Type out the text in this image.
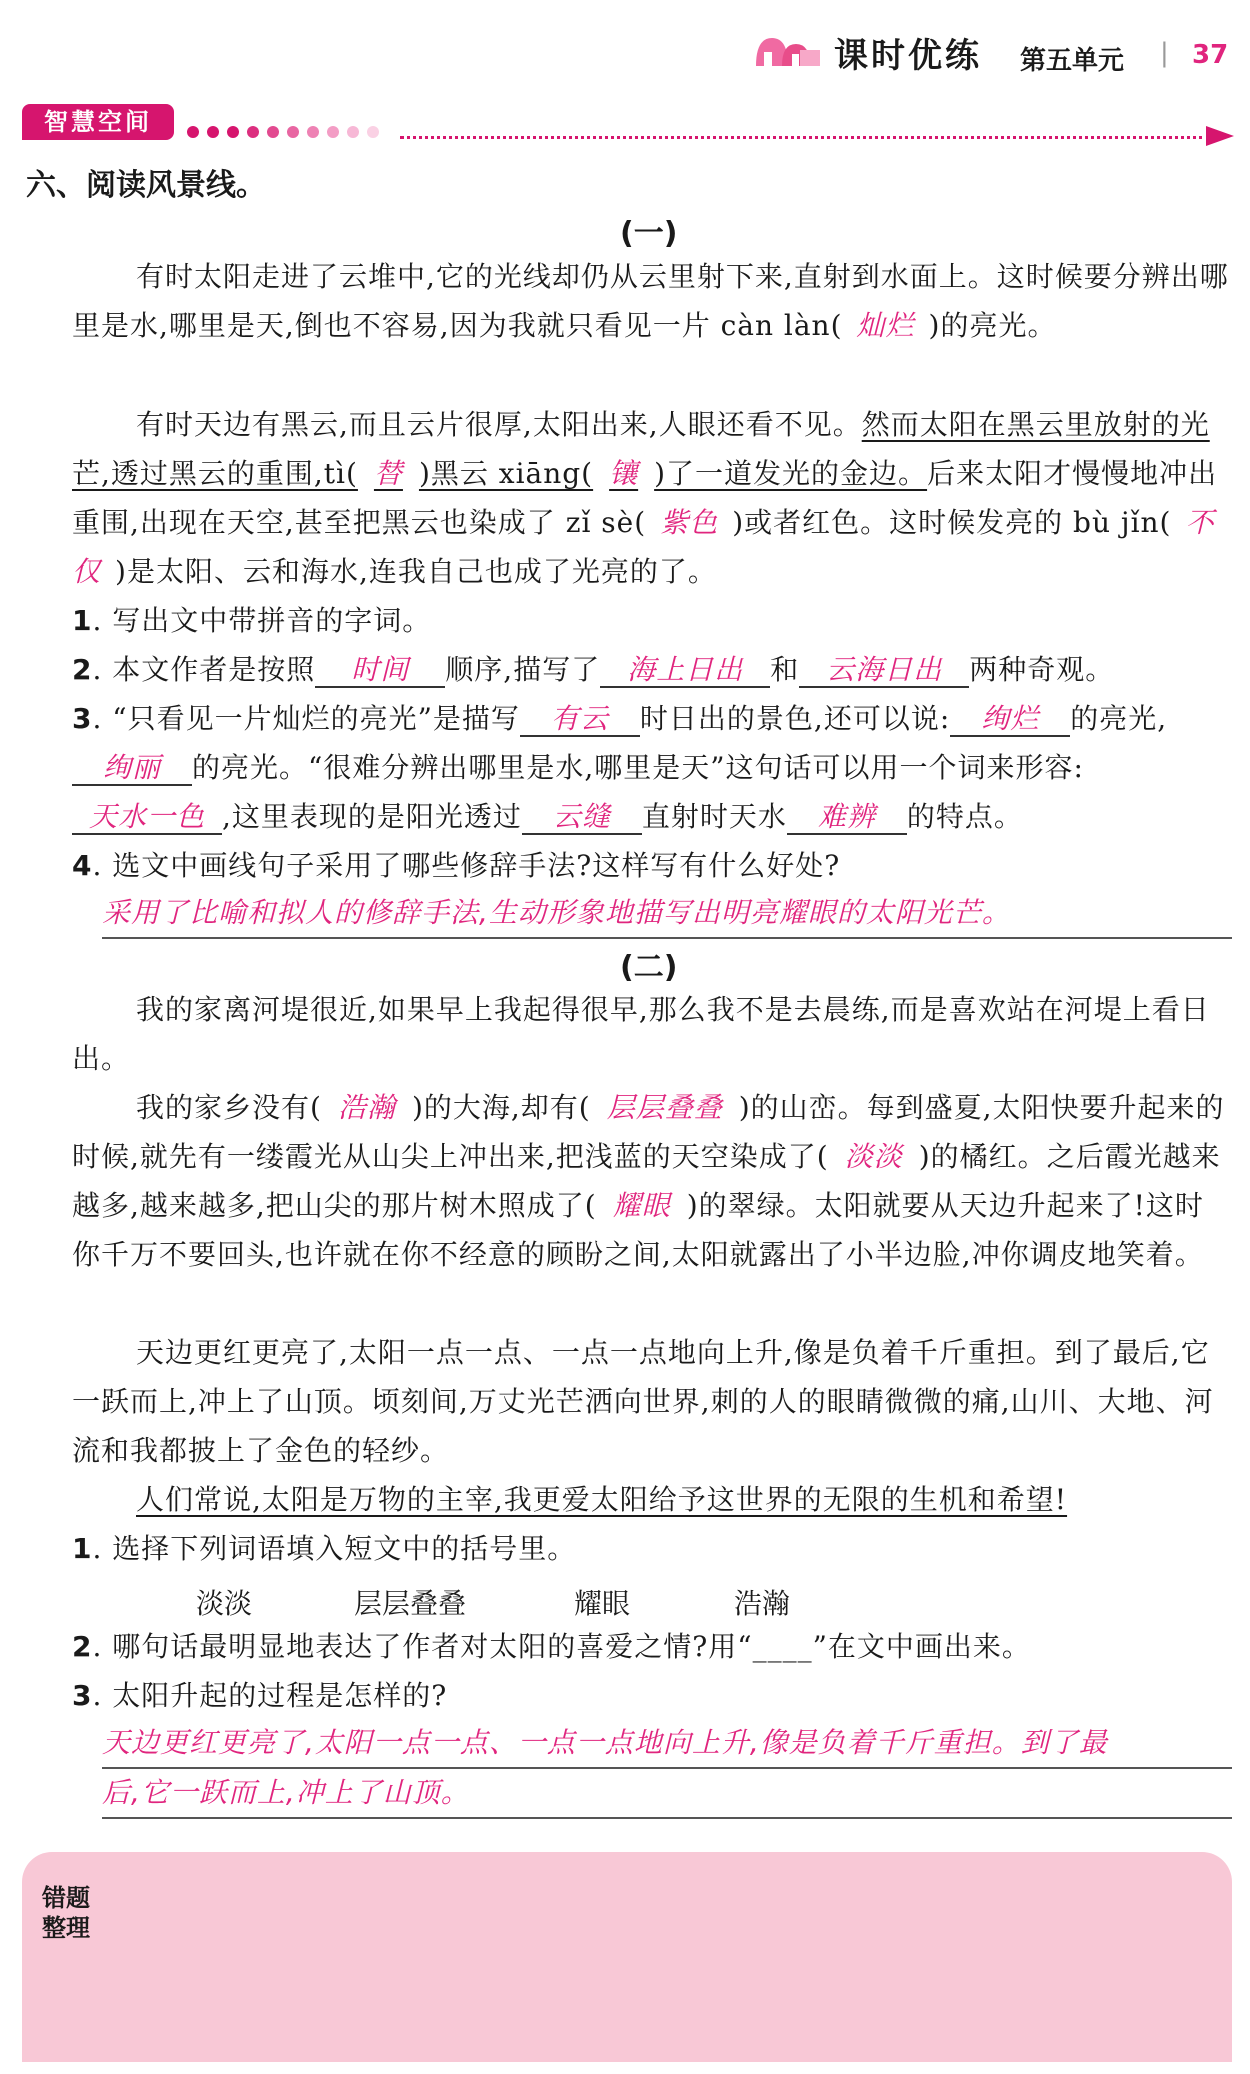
课时优练 第五单元 | 37
智慧空间
六、阅读风景线。
(一)
有时太阳走进了云堆中,它的光线却仍从云里射下来,直射到水面上。这时候要分辨出哪里是水,哪里是天,倒也不容易,因为我就只看见一片 càn làn( 灿烂 )的亮光。
有时天边有黑云,而且云片很厚,太阳出来,人眼还看不见。然而太阳在黑云里放射的光芒,透过黑云的重围,tì( 替 )黑云 xiāng( 镶 )了一道发光的金边。后来太阳才慢慢地冲出重围,出现在天空,甚至把黑云也染成了 zǐ sè( 紫色 )或者红色。这时候发亮的 bù jǐn( 不仅 )是太阳、云和海水,连我自己也成了光亮的了。
1. 写出文中带拼音的字词。
2. 本文作者是按照 时间 顺序,描写了 海上日出 和 云海日出 两种奇观。
3. “只看见一片灿烂的亮光”是描写 有云 时日出的景色,还可以说: 绚烂 的亮光,绚丽 的亮光。“很难分辨出哪里是水,哪里是天”这句话可以用一个词来形容:天水一色 ,这里表现的是阳光透过 云缝 直射时天水 难辨 的特点。
4. 选文中画线句子采用了哪些修辞手法?这样写有什么好处?
采用了比喻和拟人的修辞手法,生动形象地描写出明亮耀眼的太阳光芒。
(二)
我的家离河堤很近,如果早上我起得很早,那么我不是去晨练,而是喜欢站在河堤上看日出。
我的家乡没有( 浩瀚 )的大海,却有( 层层叠叠 )的山峦。每到盛夏,太阳快要升起来的时候,就先有一缕霞光从山尖上冲出来,把浅蓝的天空染成了( 淡淡 )的橘红。之后霞光越来越多,越来越多,把山尖的那片树木照成了( 耀眼 )的翠绿。太阳就要从天边升起来了!这时你千万不要回头,也许就在你不经意的顾盼之间,太阳就露出了小半边脸,冲你调皮地笑着。
天边更红更亮了,太阳一点一点、一点一点地向上升,像是负着千斤重担。到了最后,它一跃而上,冲上了山顶。顷刻间,万丈光芒洒向世界,刺的人的眼睛微微的痛,山川、大地、河流和我都披上了金色的轻纱。
人们常说,太阳是万物的主宰,我更爱太阳给予这世界的无限的生机和希望!
1. 选择下列词语填入短文中的括号里。
淡淡	层层叠叠	耀眼	浩瀚
2. 哪句话最明显地表达了作者对太阳的喜爱之情?用“____”在文中画出来。
3. 太阳升起的过程是怎样的?
天边更红更亮了,太阳一点一点、一点一点地向上升,像是负着千斤重担。到了最
后,它一跃而上,冲上了山顶。
错题
整理
